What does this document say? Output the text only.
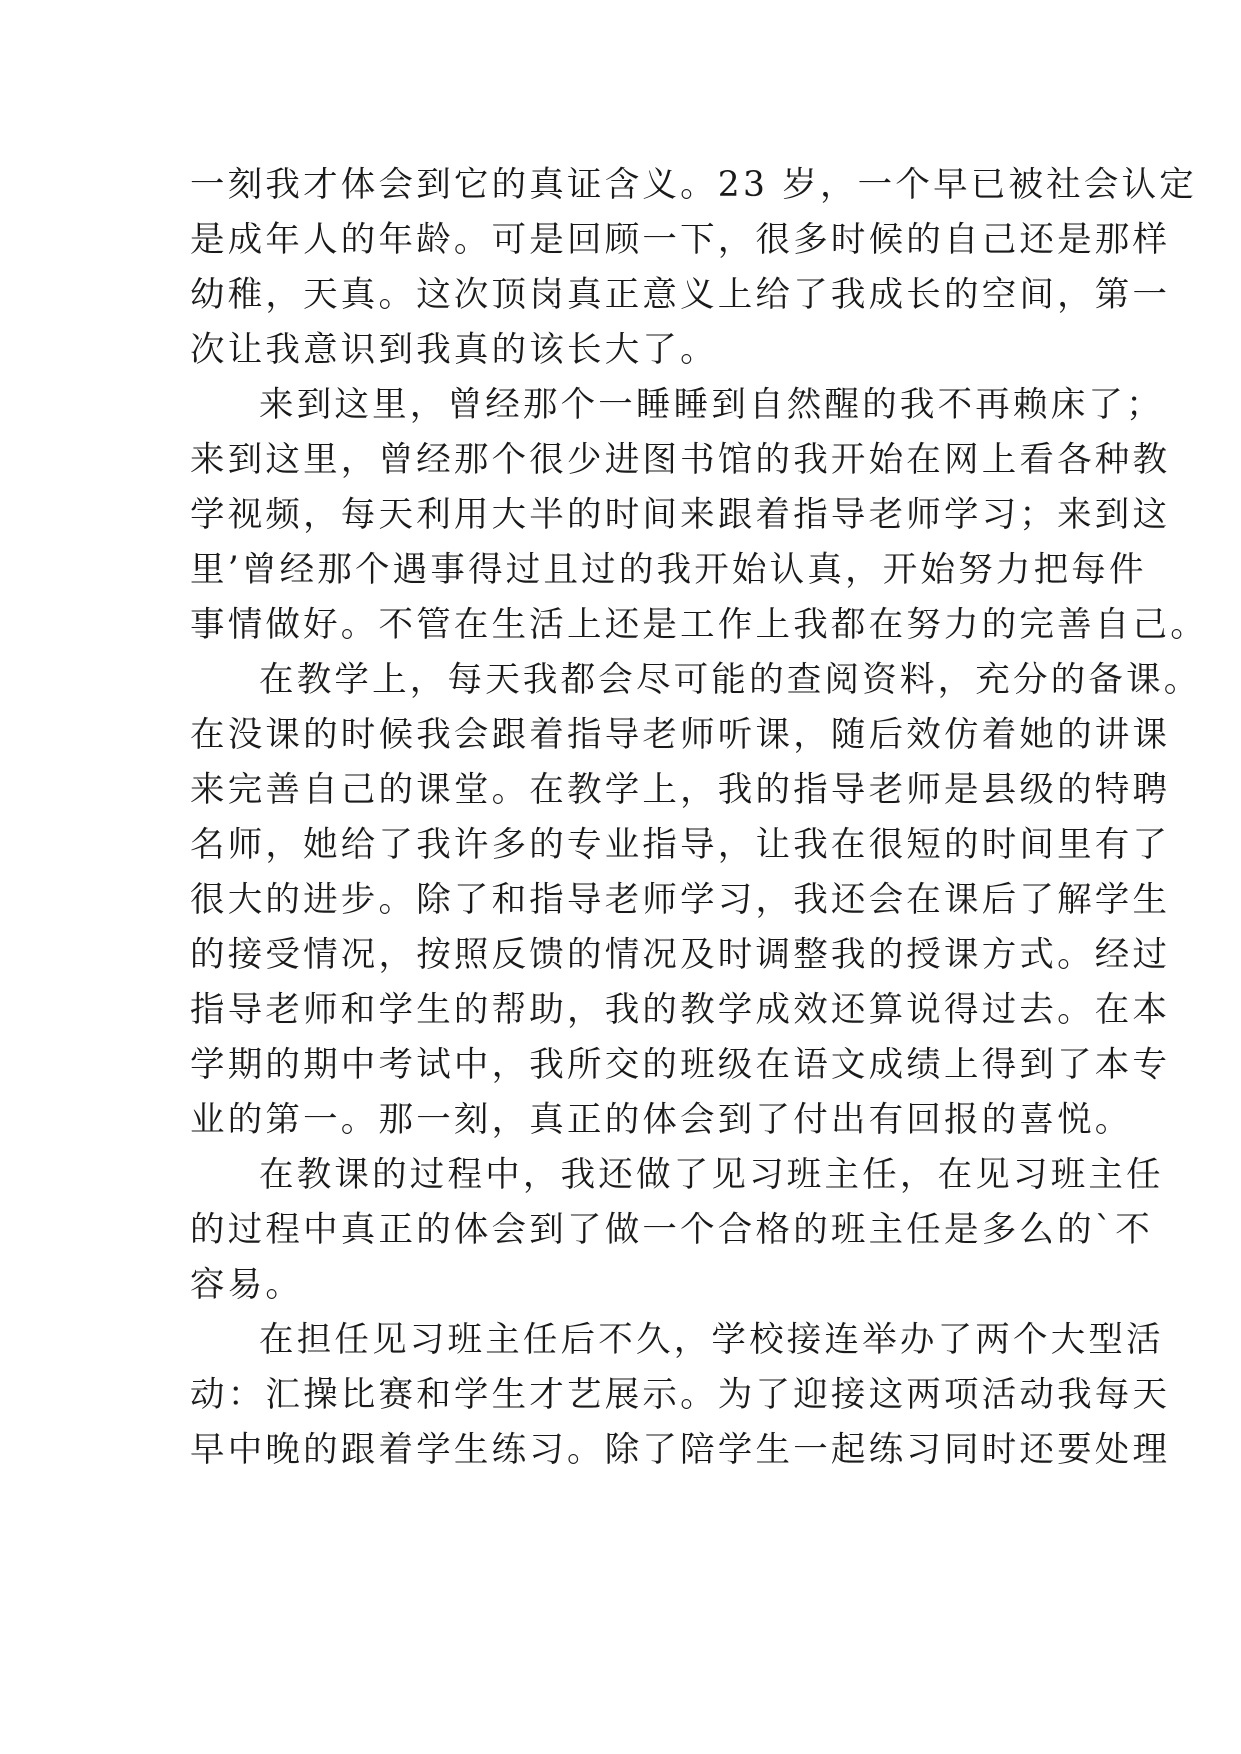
一刻我才体会到它的真证含义。23 岁，一个早已被社会认定
是成年人的年龄。可是回顾一下，很多时候的自己还是那样
幼稚，天真。这次顶岗真正意义上给了我成长的空间，第一
次让我意识到我真的该长大了。
来到这里，曾经那个一睡睡到自然醒的我不再赖床了；
来到这里，曾经那个很少进图书馆的我开始在网上看各种教
学视频，每天利用大半的时间来跟着指导老师学习；来到这
里’曾经那个遇事得过且过的我开始认真，开始努力把每件
事情做好。不管在生活上还是工作上我都在努力的完善自己。
在教学上，每天我都会尽可能的查阅资料，充分的备课。
在没课的时候我会跟着指导老师听课，随后效仿着她的讲课
来完善自己的课堂。在教学上，我的指导老师是县级的特聘
名师，她给了我许多的专业指导，让我在很短的时间里有了
很大的进步。除了和指导老师学习，我还会在课后了解学生
的接受情况，按照反馈的情况及时调整我的授课方式。经过
指导老师和学生的帮助，我的教学成效还算说得过去。在本
学期的期中考试中，我所交的班级在语文成绩上得到了本专
业的第一。那一刻，真正的体会到了付出有回报的喜悦。
在教课的过程中，我还做了见习班主任，在见习班主任
的过程中真正的体会到了做一个合格的班主任是多么的`不
容易。
在担任见习班主任后不久，学校接连举办了两个大型活
动：汇操比赛和学生才艺展示。为了迎接这两项活动我每天
早中晚的跟着学生练习。除了陪学生一起练习同时还要处理
